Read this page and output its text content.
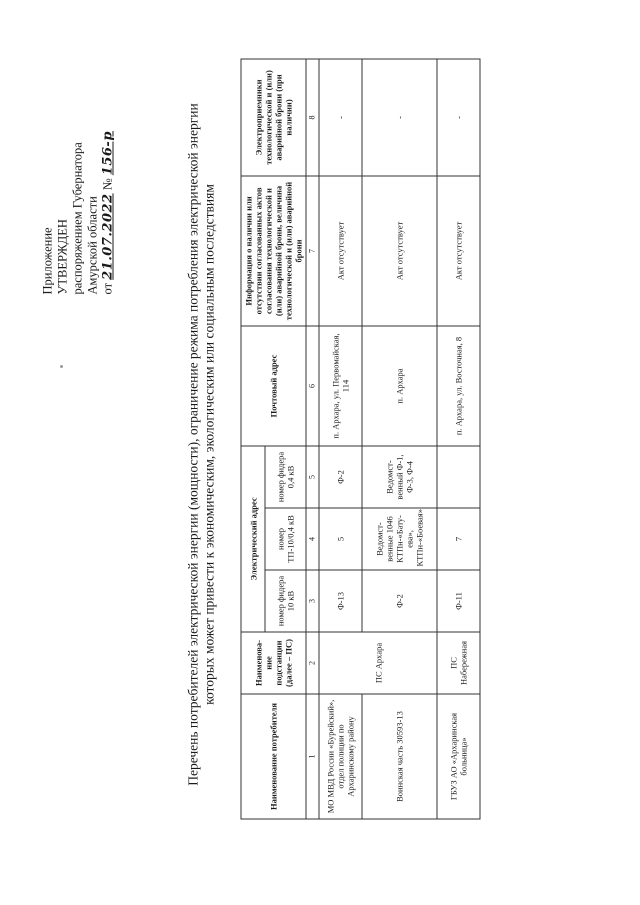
Приложение УТВЕРЖДЕН распоряжением Губернатора Амурской области от 21.07.2022 № 156-р	Перечень потребителей электрической энергии (мощности), ограничение режима потребления электрической энергии которых может привести к экономическим, экологическим или социальным последствиям
Наименование потребителя	Наименова-ние подстанции (далее – ПС)	Электрический адрес			Почтовый адрес	Информация о наличии или отсутствии согласованных актов согласования технологической и (или) аварийной брони, величина технологической и (или) аварийной брони	Электроприемники технологической и (или) аварийной брони (при наличии)
		номер фидера 10 кВ	номер ТП-10/0,4 кВ	номер фидера 0,4 кВ			
1	2	3	4	5	6	7	8
МО МВД России «Бурейский», отдел полиции по Архаринскому району	ПС Архара	Ф-13	5	Ф-2	п. Архара, ул. Первомайская, 114	Акт отсутствует	-
Воинская часть 30593-13		Ф-2	Ведомст-венные 1046 КТПн-«Бату-ева», КТПн-«Боевая»	Ведомст-венный Ф-1, Ф-3, Ф-4	п. Архара	Акт отсутствует	-
ГБУЗ АО «Архаринская больница»	ПС Набережная	Ф-11	7		п. Архара, ул. Восточная, 8	Акт отсутствует	-
